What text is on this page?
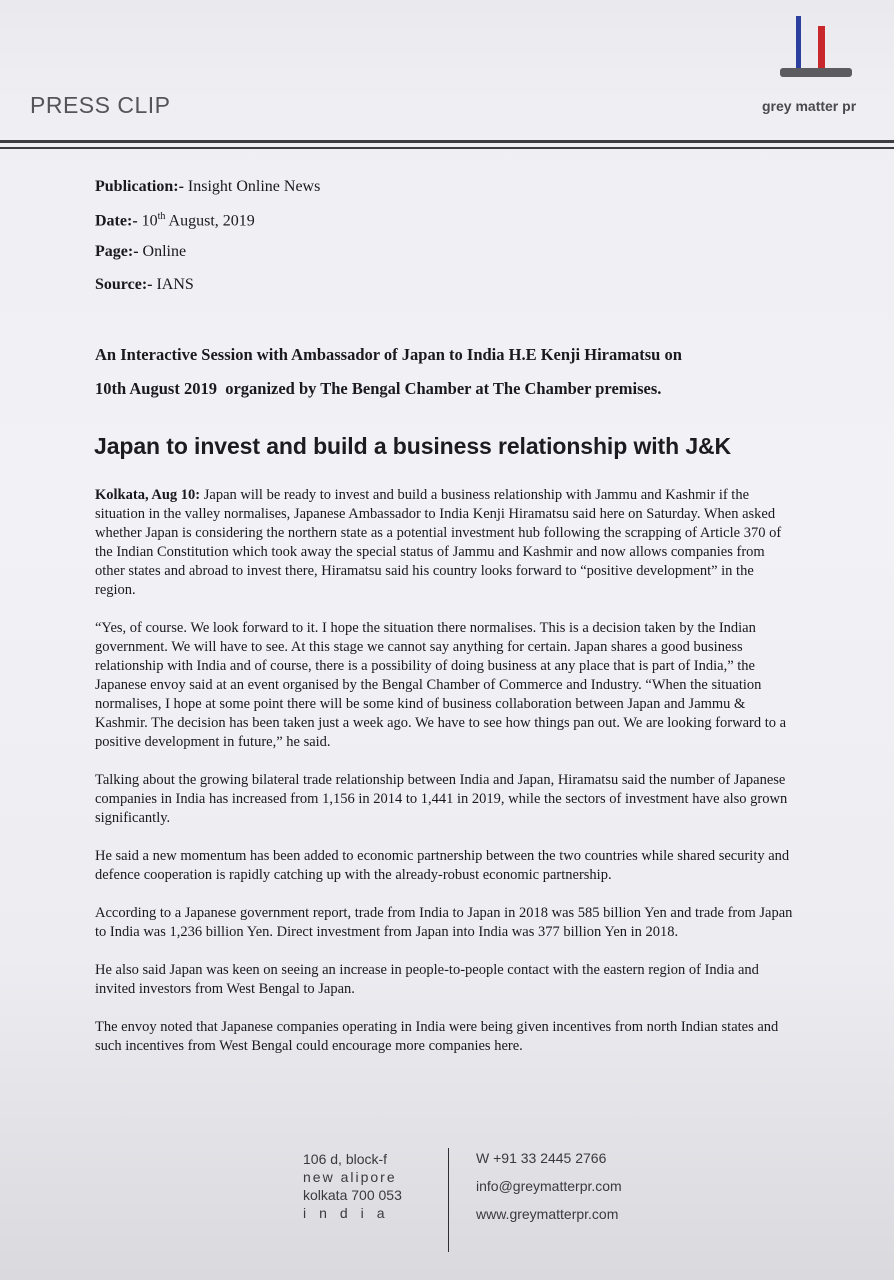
PRESS CLIP	grey matter pr
Publication:- Insight Online News
Date:- 10th August, 2019
Page:- Online
Source:- IANS
An Interactive Session with Ambassador of Japan to India H.E Kenji Hiramatsu on
10th August 2019  organized by The Bengal Chamber at The Chamber premises.
Japan to invest and build a business relationship with J&K

Kolkata, Aug 10: Japan will be ready to invest and build a business relationship with Jammu and Kashmir if the situation in the valley normalises, Japanese Ambassador to India Kenji Hiramatsu said here on Saturday. When asked whether Japan is considering the northern state as a potential investment hub following the scrapping of Article 370 of the Indian Constitution which took away the special status of Jammu and Kashmir and now allows companies from other states and abroad to invest there, Hiramatsu said his country looks forward to “positive development” in the region.

“Yes, of course. We look forward to it. I hope the situation there normalises. This is a decision taken by the Indian government. We will have to see. At this stage we cannot say anything for certain. Japan shares a good business relationship with India and of course, there is a possibility of doing business at any place that is part of India,” the Japanese envoy said at an event organised by the Bengal Chamber of Commerce and Industry. “When the situation normalises, I hope at some point there will be some kind of business collaboration between Japan and Jammu & Kashmir. The decision has been taken just a week ago. We have to see how things pan out. We are looking forward to a positive development in future,” he said.

Talking about the growing bilateral trade relationship between India and Japan, Hiramatsu said the number of Japanese companies in India has increased from 1,156 in 2014 to 1,441 in 2019, while the sectors of investment have also grown significantly.

He said a new momentum has been added to economic partnership between the two countries while shared security and defence cooperation is rapidly catching up with the already-robust economic partnership.

According to a Japanese government report, trade from India to Japan in 2018 was 585 billion Yen and trade from Japan to India was 1,236 billion Yen. Direct investment from Japan into India was 377 billion Yen in 2018.

He also said Japan was keen on seeing an increase in people-to-people contact with the eastern region of India and invited investors from West Bengal to Japan.

The envoy noted that Japanese companies operating in India were being given incentives from north Indian states and such incentives from West Bengal could encourage more companies here.

106 d, block-f
new alipore
kolkata 700 053
india
W +91 33 2445 2766
info@greymatterpr.com
www.greymatterpr.com
